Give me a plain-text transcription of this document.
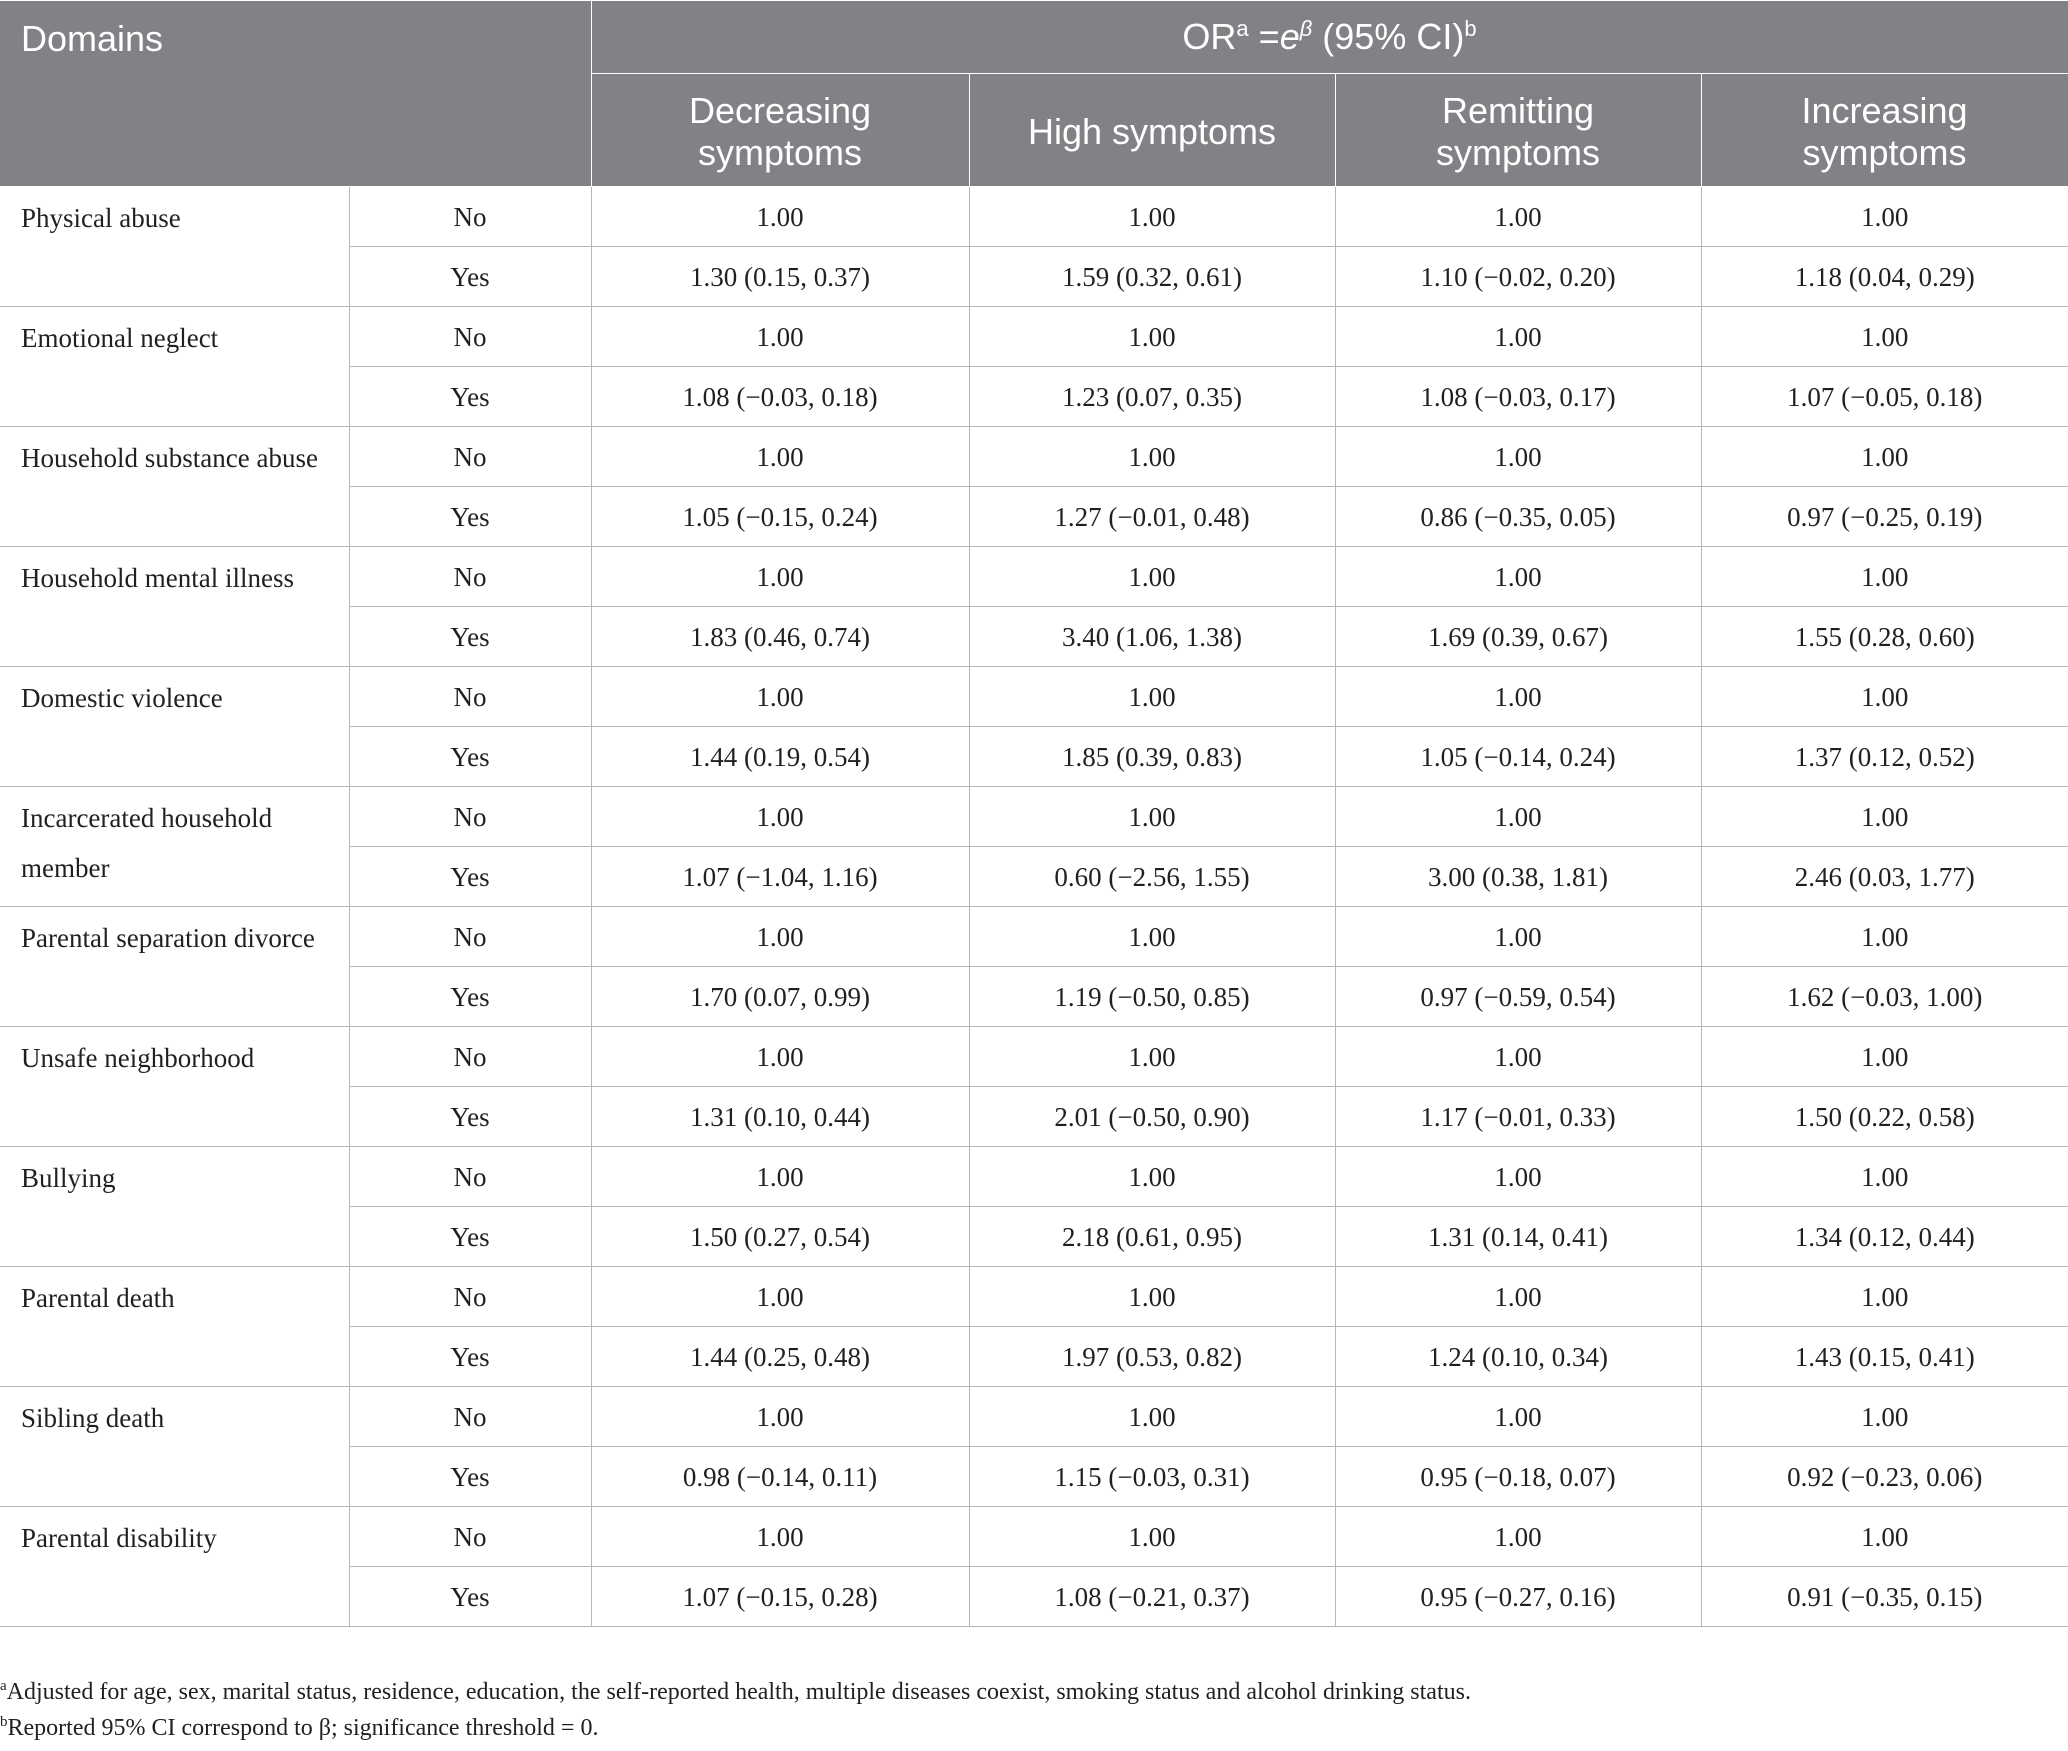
Domains		$OR^a =e^\beta$ (95% CI)$^b$
		Decreasing symptoms	High symptoms	Remitting symptoms	Increasing symptoms
Physical abuse	No	1.00	1.00	1.00	1.00
	Yes	1.30 (0.15, 0.37)	1.59 (0.32, 0.61)	1.10 (−0.02, 0.20)	1.18 (0.04, 0.29)
Emotional neglect	No	1.00	1.00	1.00	1.00
	Yes	1.08 (−0.03, 0.18)	1.23 (0.07, 0.35)	1.08 (−0.03, 0.17)	1.07 (−0.05, 0.18)
Household substance abuse	No	1.00	1.00	1.00	1.00
	Yes	1.05 (−0.15, 0.24)	1.27 (−0.01, 0.48)	0.86 (−0.35, 0.05)	0.97 (−0.25, 0.19)
Household mental illness	No	1.00	1.00	1.00	1.00
	Yes	1.83 (0.46, 0.74)	3.40 (1.06, 1.38)	1.69 (0.39, 0.67)	1.55 (0.28, 0.60)
Domestic violence	No	1.00	1.00	1.00	1.00
	Yes	1.44 (0.19, 0.54)	1.85 (0.39, 0.83)	1.05 (−0.14, 0.24)	1.37 (0.12, 0.52)
Incarcerated household member	No	1.00	1.00	1.00	1.00
	Yes	1.07 (−1.04, 1.16)	0.60 (−2.56, 1.55)	3.00 (0.38, 1.81)	2.46 (0.03, 1.77)
Parental separation divorce	No	1.00	1.00	1.00	1.00
	Yes	1.70 (0.07, 0.99)	1.19 (−0.50, 0.85)	0.97 (−0.59, 0.54)	1.62 (−0.03, 1.00)
Unsafe neighborhood	No	1.00	1.00	1.00	1.00
	Yes	1.31 (0.10, 0.44)	2.01 (−0.50, 0.90)	1.17 (−0.01, 0.33)	1.50 (0.22, 0.58)
Bullying	No	1.00	1.00	1.00	1.00
	Yes	1.50 (0.27, 0.54)	2.18 (0.61, 0.95)	1.31 (0.14, 0.41)	1.34 (0.12, 0.44)
Parental death	No	1.00	1.00	1.00	1.00
	Yes	1.44 (0.25, 0.48)	1.97 (0.53, 0.82)	1.24 (0.10, 0.34)	1.43 (0.15, 0.41)
Sibling death	No	1.00	1.00	1.00	1.00
	Yes	0.98 (−0.14, 0.11)	1.15 (−0.03, 0.31)	0.95 (−0.18, 0.07)	0.92 (−0.23, 0.06)
Parental disability	No	1.00	1.00	1.00	1.00
	Yes	1.07 (−0.15, 0.28)	1.08 (−0.21, 0.37)	0.95 (−0.27, 0.16)	0.91 (−0.35, 0.15)
$^a$Adjusted for age, sex, marital status, residence, education, the self-reported health, multiple diseases coexist, smoking status and alcohol drinking status.
$^b$Reported 95% CI correspond to β; significance threshold = 0.
